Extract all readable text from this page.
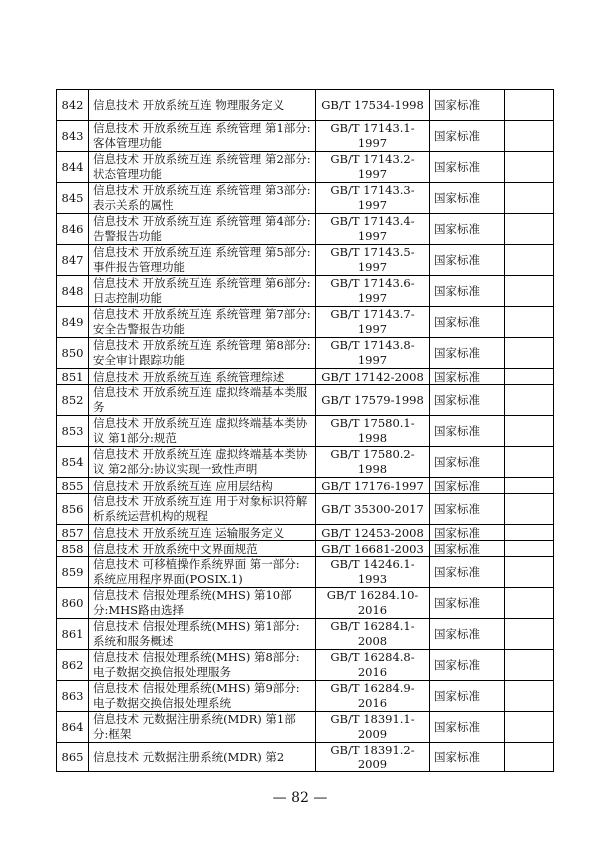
842	信息技术 开放系统互连 物理服务定义	GB/T 17534-1998	国家标准	
843	信息技术 开放系统互连 系统管理 第1部分:客体管理功能	GB/T 17143.1-1997	国家标准	
844	信息技术 开放系统互连 系统管理 第2部分:状态管理功能	GB/T 17143.2-1997	国家标准	
845	信息技术 开放系统互连 系统管理 第3部分:表示关系的属性	GB/T 17143.3-1997	国家标准	
846	信息技术 开放系统互连 系统管理 第4部分:告警报告功能	GB/T 17143.4-1997	国家标准	
847	信息技术 开放系统互连 系统管理 第5部分:事件报告管理功能	GB/T 17143.5-1997	国家标准	
848	信息技术 开放系统互连 系统管理 第6部分:日志控制功能	GB/T 17143.6-1997	国家标准	
849	信息技术 开放系统互连 系统管理 第7部分:安全告警报告功能	GB/T 17143.7-1997	国家标准	
850	信息技术 开放系统互连 系统管理 第8部分:安全审计跟踪功能	GB/T 17143.8-1997	国家标准	
851	信息技术 开放系统互连 系统管理综述	GB/T 17142-2008	国家标准	
852	信息技术 开放系统互连 虚拟终端基本类服务	GB/T 17579-1998	国家标准	
853	信息技术 开放系统互连 虚拟终端基本类协议 第1部分:规范	GB/T 17580.1-1998	国家标准	
854	信息技术 开放系统互连 虚拟终端基本类协议 第2部分:协议实现一致性声明	GB/T 17580.2-1998	国家标准	
855	信息技术 开放系统互连 应用层结构	GB/T 17176-1997	国家标准	
856	信息技术 开放系统互连 用于对象标识符解析系统运营机构的规程	GB/T 35300-2017	国家标准	
857	信息技术 开放系统互连 运输服务定义	GB/T 12453-2008	国家标准	
858	信息技术 开放系统中文界面规范	GB/T 16681-2003	国家标准	
859	信息技术 可移植操作系统界面 第一部分:系统应用程序界面(POSIX.1)	GB/T 14246.1-1993	国家标准	
860	信息技术 信报处理系统(MHS) 第10部分:MHS路由选择	GB/T 16284.10-2016	国家标准	
861	信息技术 信报处理系统(MHS) 第1部分:系统和服务概述	GB/T 16284.1-2008	国家标准	
862	信息技术 信报处理系统(MHS) 第8部分:电子数据交换信报处理服务	GB/T 16284.8-2016	国家标准	
863	信息技术 信报处理系统(MHS) 第9部分:电子数据交换信报处理系统	GB/T 16284.9-2016	国家标准	
864	信息技术 元数据注册系统(MDR) 第1部分:框架	GB/T 18391.1-2009	国家标准	
865	信息技术 元数据注册系统(MDR) 第2	GB/T 18391.2-2009	国家标准	
— 82 —
